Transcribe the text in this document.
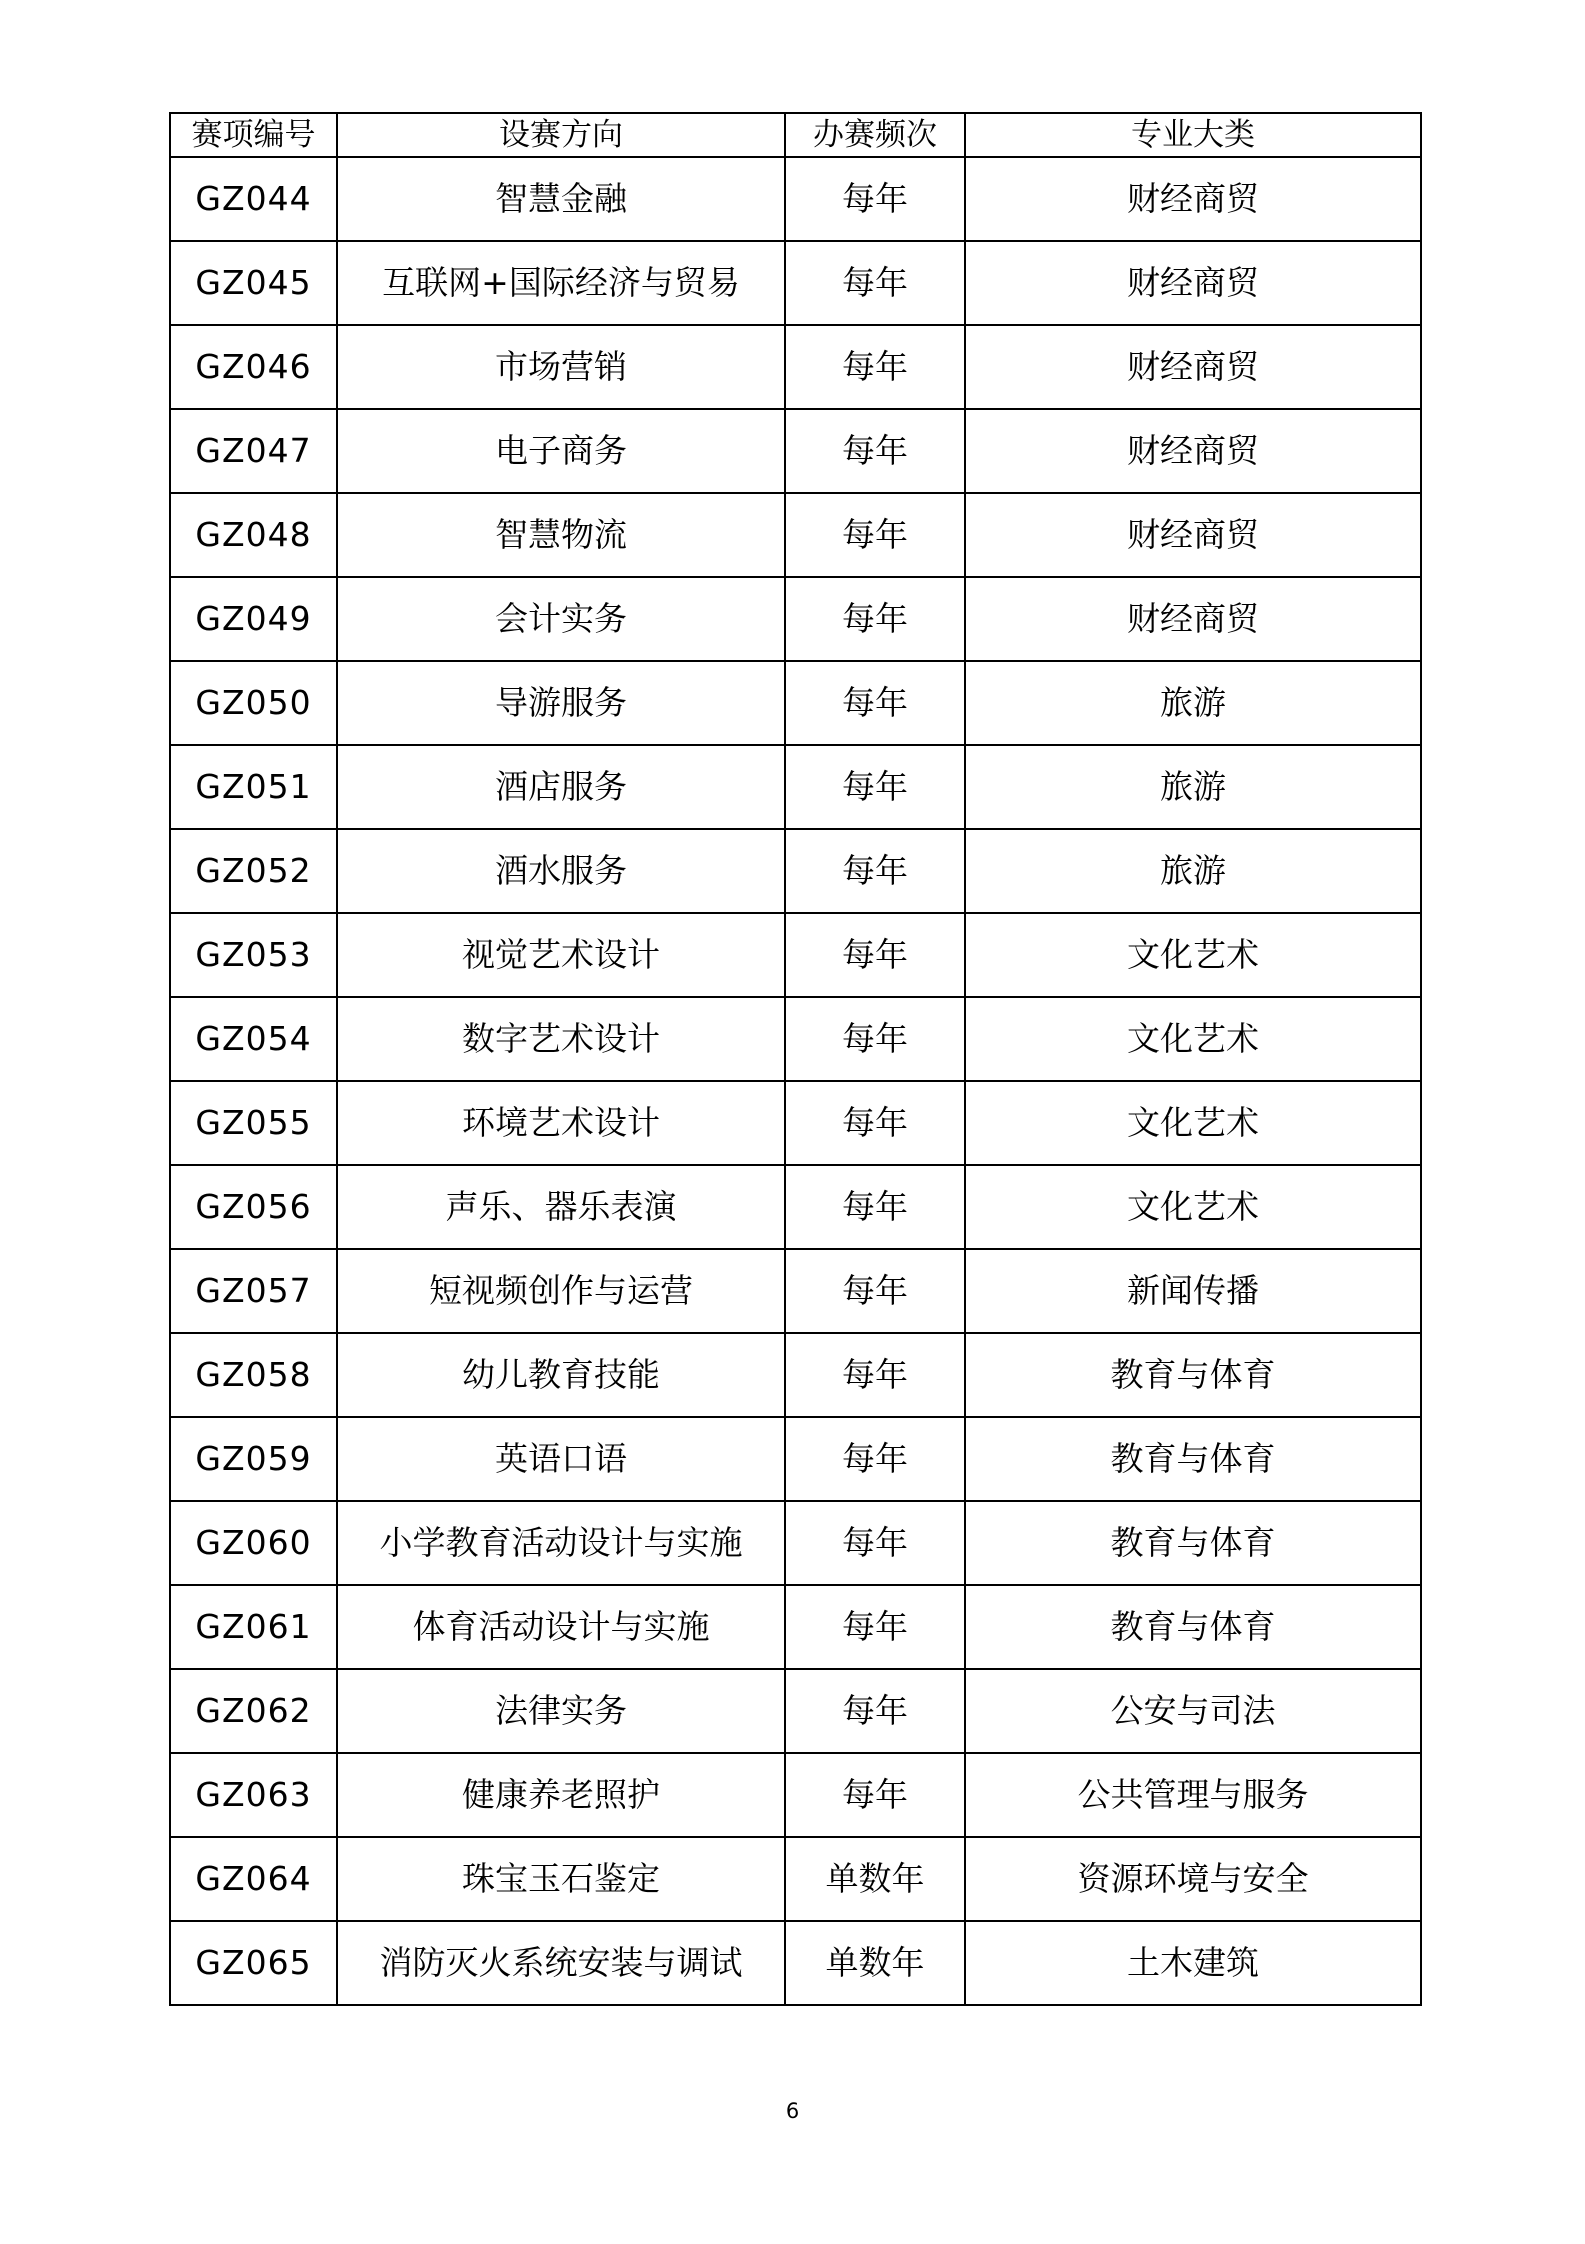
赛项编号	设赛方向	办赛频次	专业大类
GZ044	智慧金融	每年	财经商贸
GZ045	互联网+国际经济与贸易	每年	财经商贸
GZ046	市场营销	每年	财经商贸
GZ047	电子商务	每年	财经商贸
GZ048	智慧物流	每年	财经商贸
GZ049	会计实务	每年	财经商贸
GZ050	导游服务	每年	旅游
GZ051	酒店服务	每年	旅游
GZ052	酒水服务	每年	旅游
GZ053	视觉艺术设计	每年	文化艺术
GZ054	数字艺术设计	每年	文化艺术
GZ055	环境艺术设计	每年	文化艺术
GZ056	声乐、器乐表演	每年	文化艺术
GZ057	短视频创作与运营	每年	新闻传播
GZ058	幼儿教育技能	每年	教育与体育
GZ059	英语口语	每年	教育与体育
GZ060	小学教育活动设计与实施	每年	教育与体育
GZ061	体育活动设计与实施	每年	教育与体育
GZ062	法律实务	每年	公安与司法
GZ063	健康养老照护	每年	公共管理与服务
GZ064	珠宝玉石鉴定	单数年	资源环境与安全
GZ065	消防灭火系统安装与调试	单数年	土木建筑
6
